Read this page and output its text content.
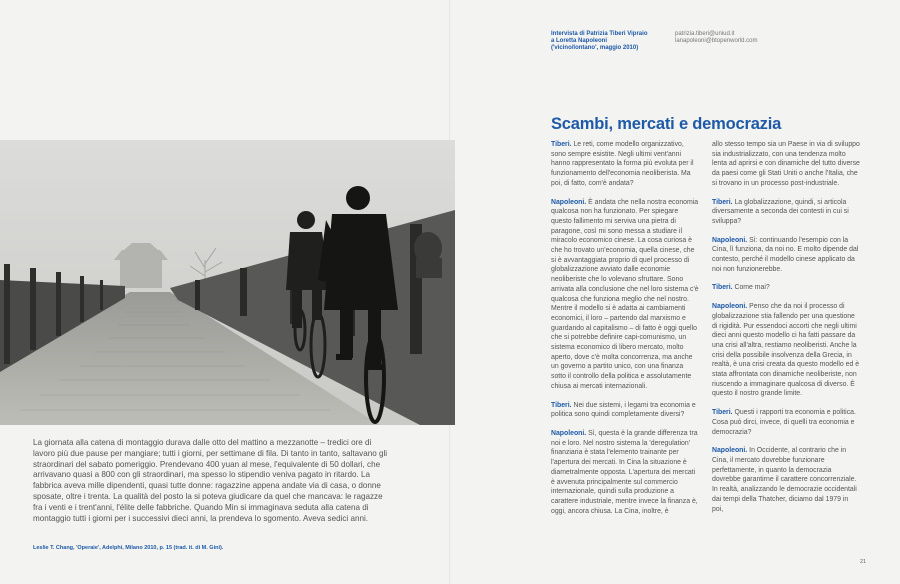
La giornata alla catena di montaggio durava dalle otto del mattino a mezzanotte – tredici ore di lavoro più due pause per mangiare; tutti i giorni, per settimane di fila. Di tanto in tanto, saltavano gli straordinari del sabato pomeriggio. Prendevano 400 yuan al mese, l'equivalente di 50 dollari, che arrivavano quasi a 800 con gli straordinari, ma spesso lo stipendio veniva pagato in ritardo. La fabbrica aveva mille dipendenti, quasi tutte donne: ragazzine appena andate via di casa, o donne sposate, oltre i trenta. La qualità del posto la si poteva giudicare da quel che mancava: le ragazze fra i venti e i trent'anni, l'élite delle fabbriche. Quando Min si immaginava seduta alla catena di montaggio tutti i giorni per i successivi dieci anni, la prendeva lo sgomento. Aveva sedici anni.

Leslie T. Chang, 'Operaie', Adelphi, Milano 2010, p. 15 (trad. it. di M. Gini).
Intervista di Patrizia Tiberi Vipraio
a Loretta Napoleoni
('vicino/lontano', maggio 2010)
patrizia.tiberi@uniud.it
lanapoleoni@btopenworld.com
Scambi, mercati e democrazia

Tiberi. Le reti, come modello organizzativo, sono sempre esistite. Negli ultimi vent'anni hanno rappresentato la forma più evoluta per il funzionamento dell'economia neoliberista. Ma poi, di fatto, com'è andata?

Napoleoni. È andata che nella nostra economia qualcosa non ha funzionato. Per spiegare questo fallimento mi serviva una pietra di paragone, così mi sono messa a studiare il miracolo economico cinese. La cosa curiosa è che ho trovato un'economia, quella cinese, che si è avvantaggiata proprio di quel processo di globalizzazione avviato dalle economie neoliberiste che lo volevano sfruttare. Sono arrivata alla conclusione che nel loro sistema c'è qualcosa che funziona meglio che nel nostro. Mentre il modello si è adatta ai cambiamenti economici, il loro – partendo dal marxismo e guardando al capitalismo – di fatto è oggi quello che si potrebbe definire capi-comunismo, un sistema economico di libero mercato, molto aperto, dove c'è molta concorrenza, ma anche un governo a partito unico, con una finanza sotto il controllo della politica e assolutamente chiusa ai mercati internazionali.

Tiberi. Nei due sistemi, i legami tra economia e politica sono quindi completamente diversi?

Napoleoni. Sì, questa è la grande differenza tra noi e loro. Nel nostro sistema la 'deregulation' finanziaria è stata l'elemento trainante per l'apertura dei mercati. In Cina la situazione è diametralmente opposta. L'apertura dei mercati è avvenuta principalmente sul commercio internazionale, quindi sulla produzione a carattere industriale, mentre invece la finanza è, oggi, ancora chiusa. La Cina, inoltre, è

allo stesso tempo sia un Paese in via di sviluppo sia industrializzato, con una tendenza molto lenta ad aprirsi e con dinamiche del tutto diverse da paesi come gli Stati Uniti o anche l'Italia, che si trovano in un processo post-industriale.

Tiberi. La globalizzazione, quindi, si articola diversamente a seconda dei contesti in cui si sviluppa?

Napoleoni. Sì: continuando l'esempio con la Cina, lì funziona, da noi no. E molto dipende dal contesto, perché il modello cinese applicato da noi non funzionerebbe.

Tiberi. Come mai?

Napoleoni. Penso che da noi il processo di globalizzazione stia fallendo per una questione di rigidità. Pur essendoci accorti che negli ultimi dieci anni questo modello ci ha fatti passare da una crisi all'altra, restiamo neoliberisti. Anche la crisi della possibile insolvenza della Grecia, in realtà, è una crisi creata da questo modello ed è stata affrontata con dinamiche neoliberiste, non riuscendo a immaginare qualcosa di diverso. È questo il nostro grande limite.

Tiberi. Questi i rapporti tra economia e politica. Cosa può dirci, invece, di quelli tra economia e democrazia?

Napoleoni. In Occidente, al contrario che in Cina, il mercato dovrebbe funzionare perfettamente, in quanto la democrazia dovrebbe garantirne il carattere concorrenziale. In realtà, analizzando le democrazie occidentali dai tempi della Thatcher, diciamo dal 1979 in poi,

21
